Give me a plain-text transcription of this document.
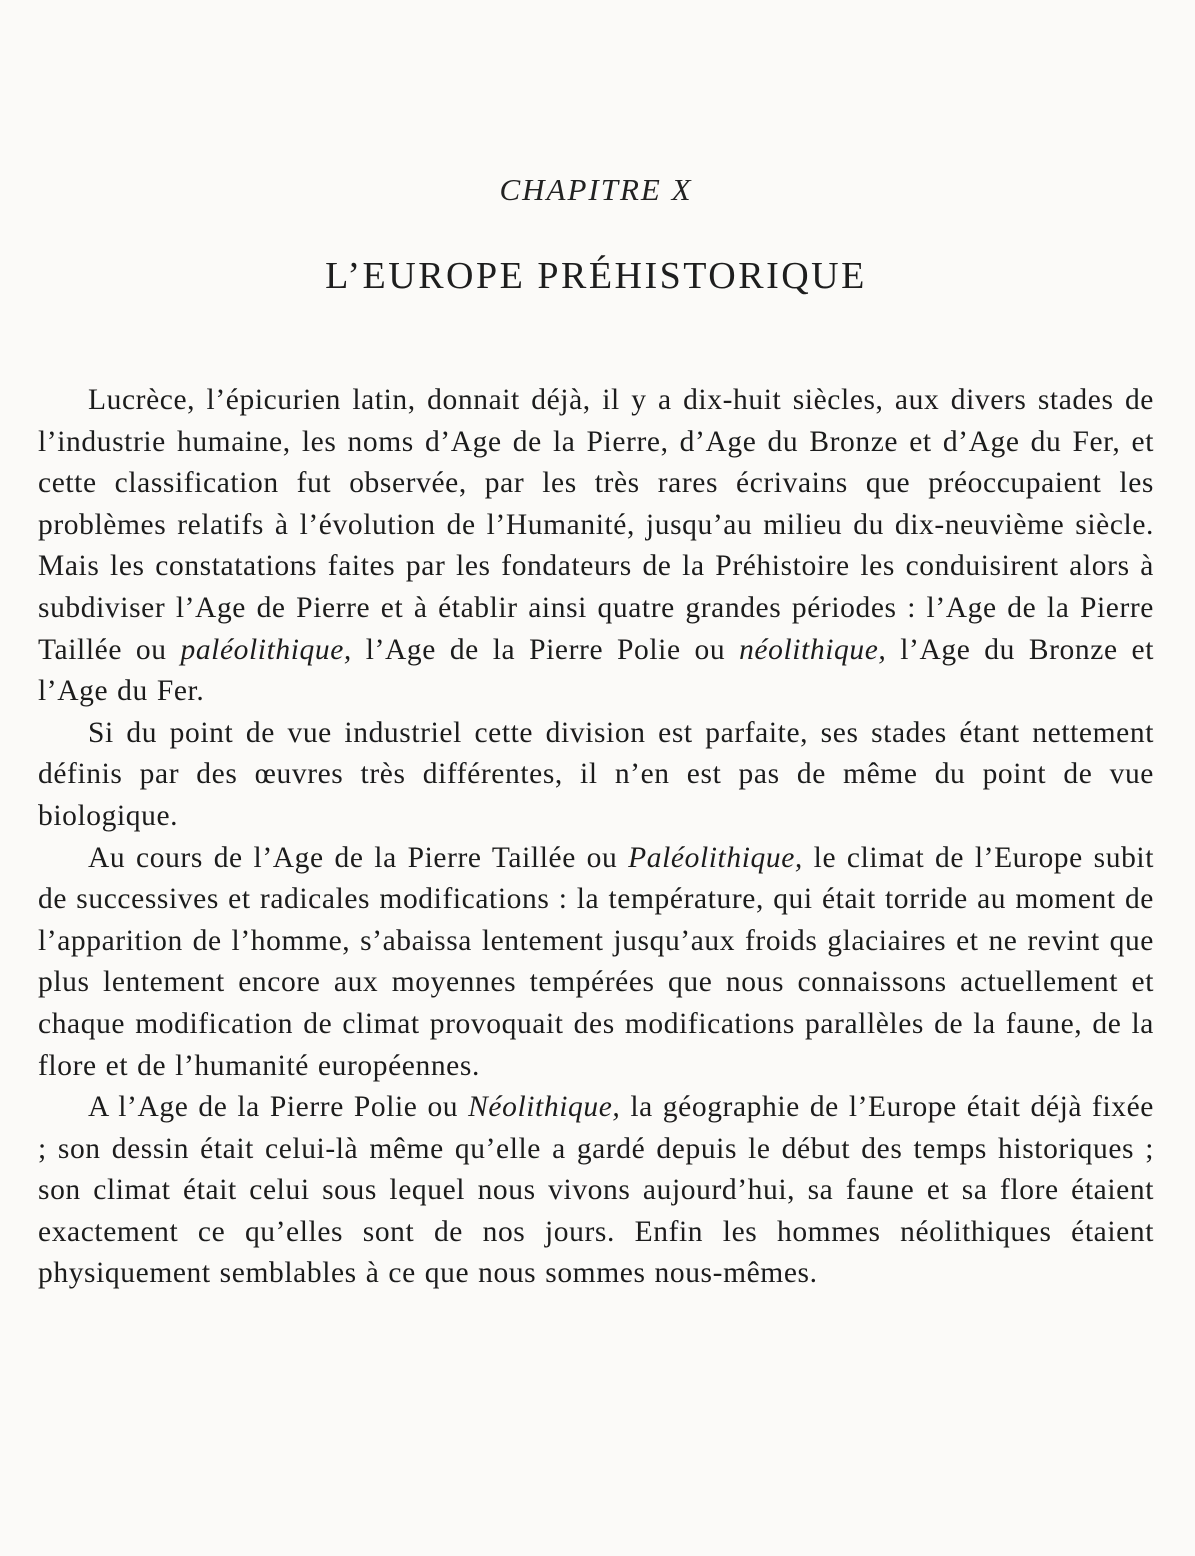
CHAPITRE X
L’EUROPE PRÉHISTORIQUE

Lucrèce, l’épicurien latin, donnait déjà, il y a dix-huit siècles, aux divers stades de l’industrie humaine, les noms d’Age de la Pierre, d’Age du Bronze et d’Age du Fer, et cette classification fut observée, par les très rares écrivains que préoccupaient les problèmes relatifs à l’évolution de l’Humanité, jusqu’au milieu du dix-neuvième siècle. Mais les constatations faites par les fondateurs de la Préhistoire les conduisirent alors à subdiviser l’Age de Pierre et à établir ainsi quatre grandes périodes : l’Age de la Pierre Taillée ou paléolithique, l’Age de la Pierre Polie ou néolithique, l’Age du Bronze et l’Age du Fer.

Si du point de vue industriel cette division est parfaite, ses stades étant nettement définis par des œuvres très différentes, il n’en est pas de même du point de vue biologique.

Au cours de l’Age de la Pierre Taillée ou Paléolithique, le climat de l’Europe subit de successives et radicales modifications : la température, qui était torride au moment de l’apparition de l’homme, s’abaissa lentement jusqu’aux froids glaciaires et ne revint que plus lentement encore aux moyennes tempérées que nous connaissons actuellement et chaque modification de climat provoquait des modifications parallèles de la faune, de la flore et de l’humanité européennes.

A l’Age de la Pierre Polie ou Néolithique, la géographie de l’Europe était déjà fixée ; son dessin était celui-là même qu’elle a gardé depuis le début des temps historiques ; son climat était celui sous lequel nous vivons aujourd’hui, sa faune et sa flore étaient exactement ce qu’elles sont de nos jours. Enfin les hommes néolithiques étaient physiquement semblables à ce que nous sommes nous-mêmes.
